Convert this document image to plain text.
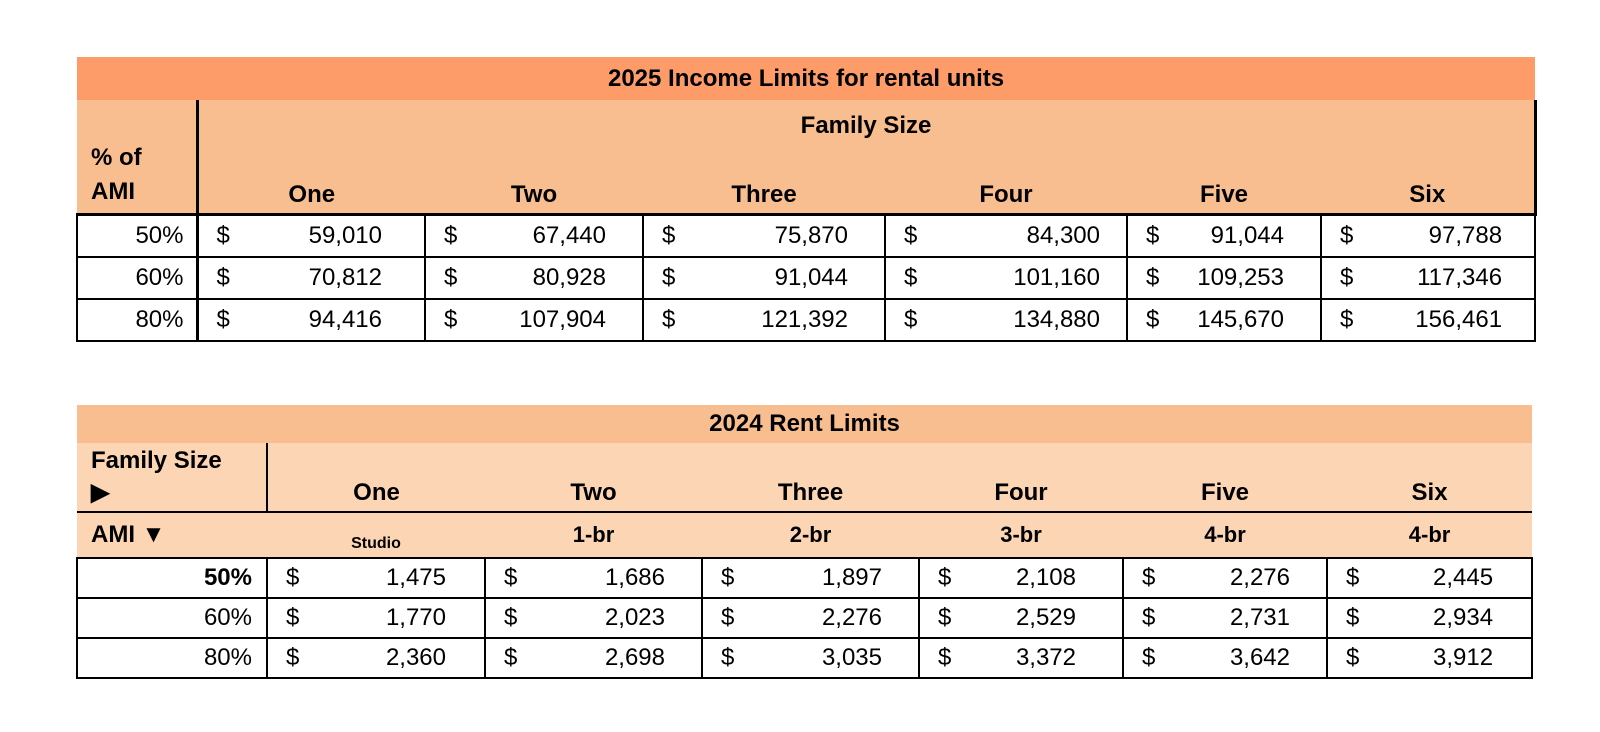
2025 Income Limits for rental units						

% of
AMI	Family Size					
	One	Two	Three	Four	Five	Six
50%	$ 59,010	$ 67,440	$ 75,870	$ 84,300	$ 91,044	$ 97,788

60%	$ 70,812	$ 80,928	$ 91,044	$ 101,160	$ 109,253	$ 117,346

80%	$ 94,416	$ 107,904	$ 121,392	$ 134,880	$ 145,670	$ 156,461
2024 Rent Limits						

Family Size
▶	One	Two	Three	Four	Five	Six
AMI ▼	Studio	1-br	2-br	3-br	4-br	4-br
50%	$ 1,475	$ 1,686	$ 1,897	$ 2,108	$ 2,276	$ 2,445

60%	$ 1,770	$ 2,023	$ 2,276	$ 2,529	$ 2,731	$ 2,934

80%	$ 2,360	$ 2,698	$ 3,035	$ 3,372	$ 3,642	$ 3,912
